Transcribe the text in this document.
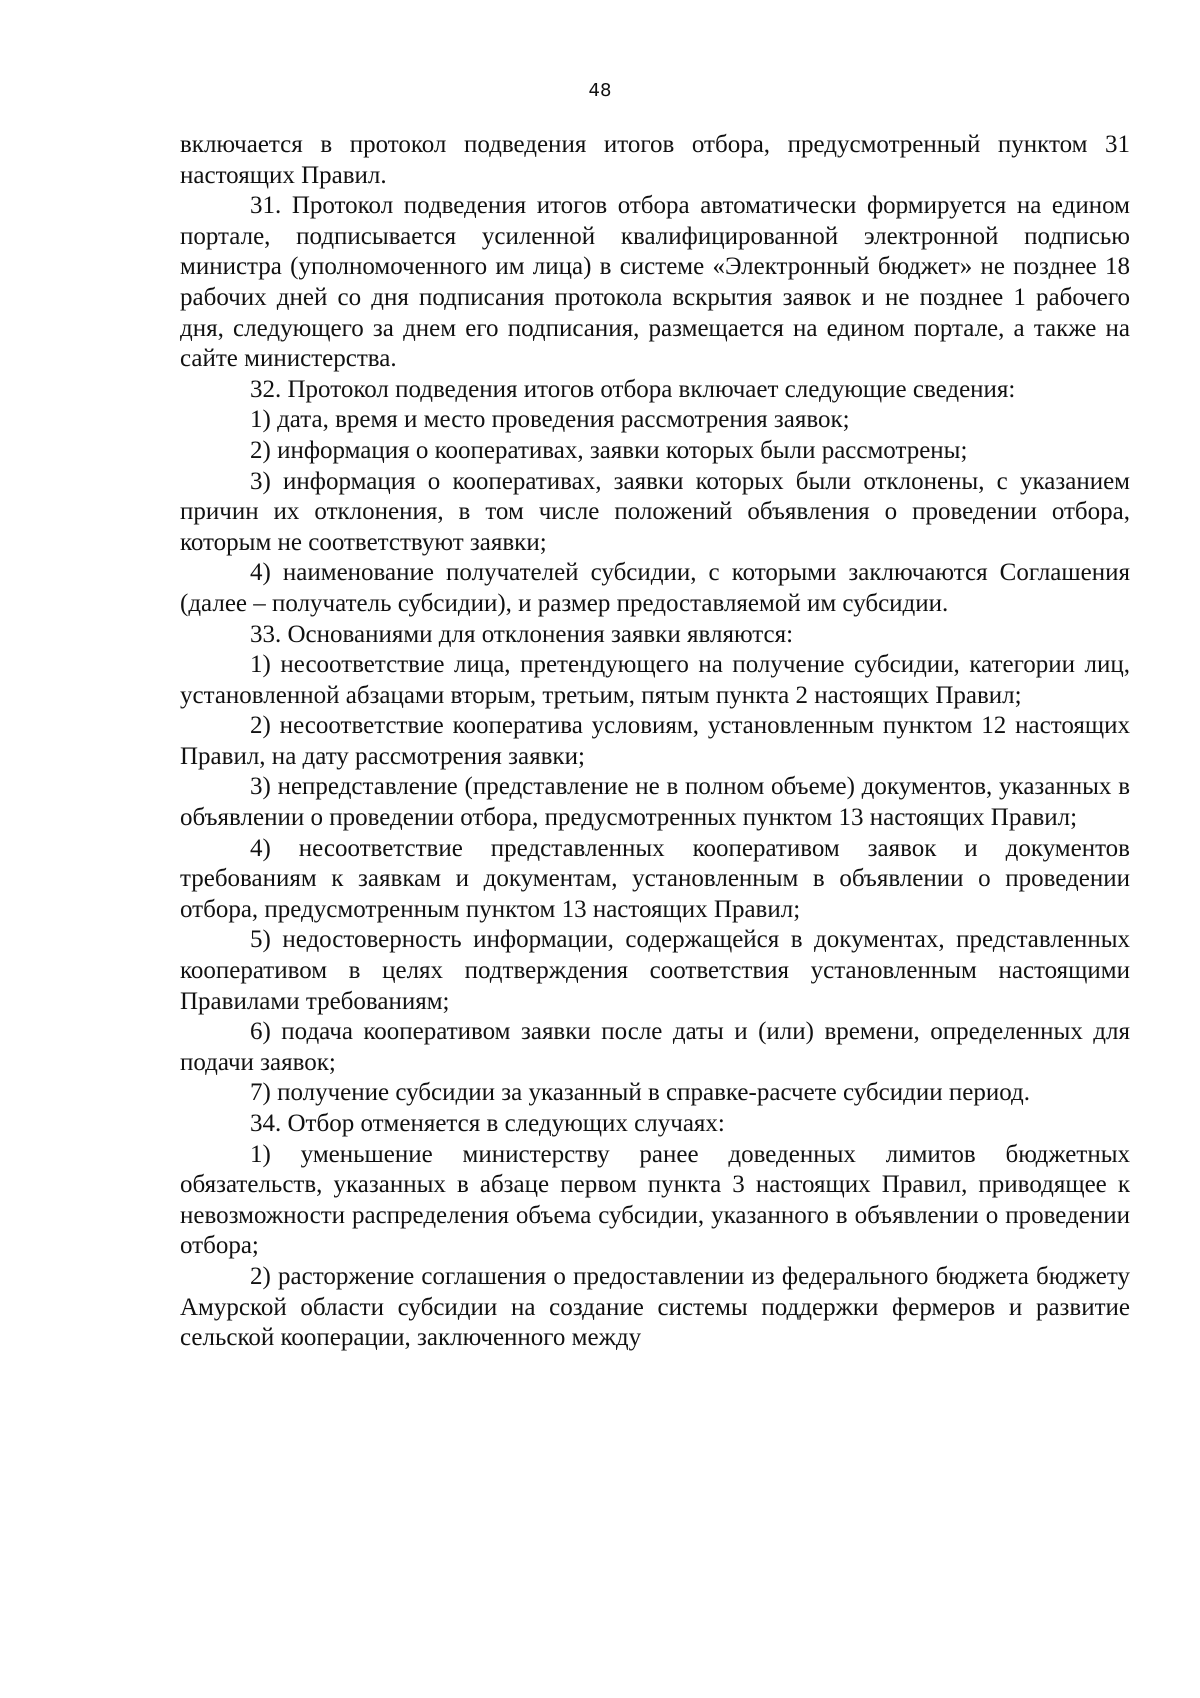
48

включается в протокол подведения итогов отбора, предусмотренный пунктом 31 настоящих Правил.

31. Протокол подведения итогов отбора автоматически формируется на едином портале, подписывается усиленной квалифицированной электронной подписью министра (уполномоченного им лица) в системе «Электронный бюджет» не позднее 18 рабочих дней со дня подписания протокола вскрытия заявок и не позднее 1 рабочего дня, следующего за днем его подписания, размещается на едином портале, а также на сайте министерства.

32. Протокол подведения итогов отбора включает следующие сведения:

1) дата, время и место проведения рассмотрения заявок;

2) информация о кооперативах, заявки которых были рассмотрены;

3) информация о кооперативах, заявки которых были отклонены, с указанием причин их отклонения, в том числе положений объявления о проведении отбора, которым не соответствуют заявки;

4) наименование получателей субсидии, с которыми заключаются Соглашения (далее – получатель субсидии), и размер предоставляемой им субсидии.

33. Основаниями для отклонения заявки являются:

1) несоответствие лица, претендующего на получение субсидии, категории лиц, установленной абзацами вторым, третьим, пятым пункта 2 настоящих Правил;

2) несоответствие кооператива условиям, установленным пунктом 12 настоящих Правил, на дату рассмотрения заявки;

3) непредставление (представление не в полном объеме) документов, указанных в объявлении о проведении отбора, предусмотренных пунктом 13 настоящих Правил;

4) несоответствие представленных кооперативом заявок и документов требованиям к заявкам и документам, установленным в объявлении о проведении отбора, предусмотренным пунктом 13 настоящих Правил;

5) недостоверность информации, содержащейся в документах, представленных кооперативом в целях подтверждения соответствия установленным настоящими Правилами требованиям;

6) подача кооперативом заявки после даты и (или) времени, определенных для подачи заявок;

7) получение субсидии за указанный в справке-расчете субсидии период.

34. Отбор отменяется в следующих случаях:

1) уменьшение министерству ранее доведенных лимитов бюджетных обязательств, указанных в абзаце первом пункта 3 настоящих Правил, приводящее к невозможности распределения объема субсидии, указанного в объявлении о проведении отбора;

2) расторжение соглашения о предоставлении из федерального бюджета бюджету Амурской области субсидии на создание системы поддержки фермеров и развитие сельской кооперации, заключенного между
